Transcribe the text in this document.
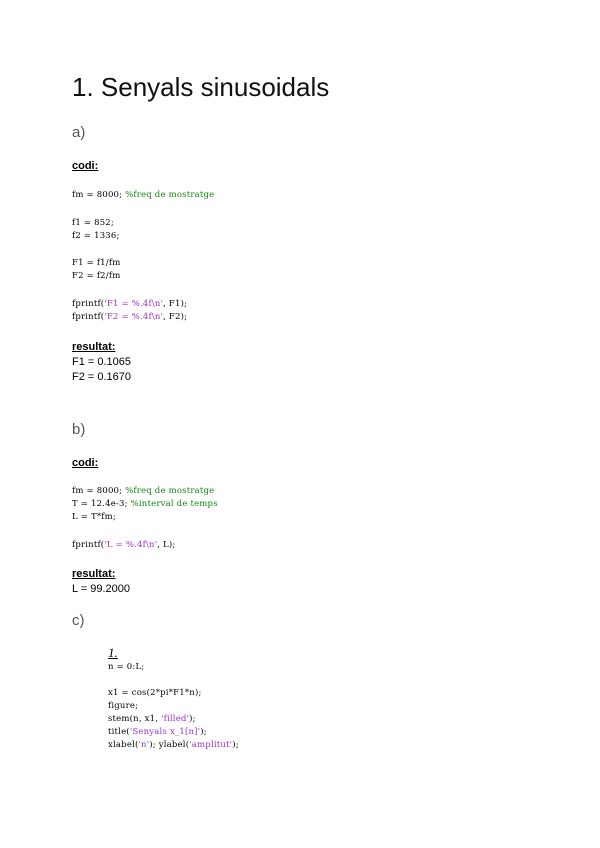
1. Senyals sinusoidals
a)
codi:
fm = 8000; %freq de mostratge
f1 = 852;
f2 = 1336;
F1 = f1/fm
F2 = f2/fm
fprintf('F1 = %.4f\n', F1);
fprintf('F2 = %.4f\n', F2);
resultat:
F1 = 0.1065
F2 = 0.1670
b)
codi:
fm = 8000; %freq de mostratge
T = 12.4e-3; %interval de temps
L = T*fm;
fprintf('L = %.4f\n', L);
resultat:
L = 99.2000
c)
1.
n = 0:L;
x1 = cos(2*pi*F1*n);
figure;
stem(n, x1, 'filled');
title('Senyals x_1[n]');
xlabel('n'); ylabel('amplitut');
